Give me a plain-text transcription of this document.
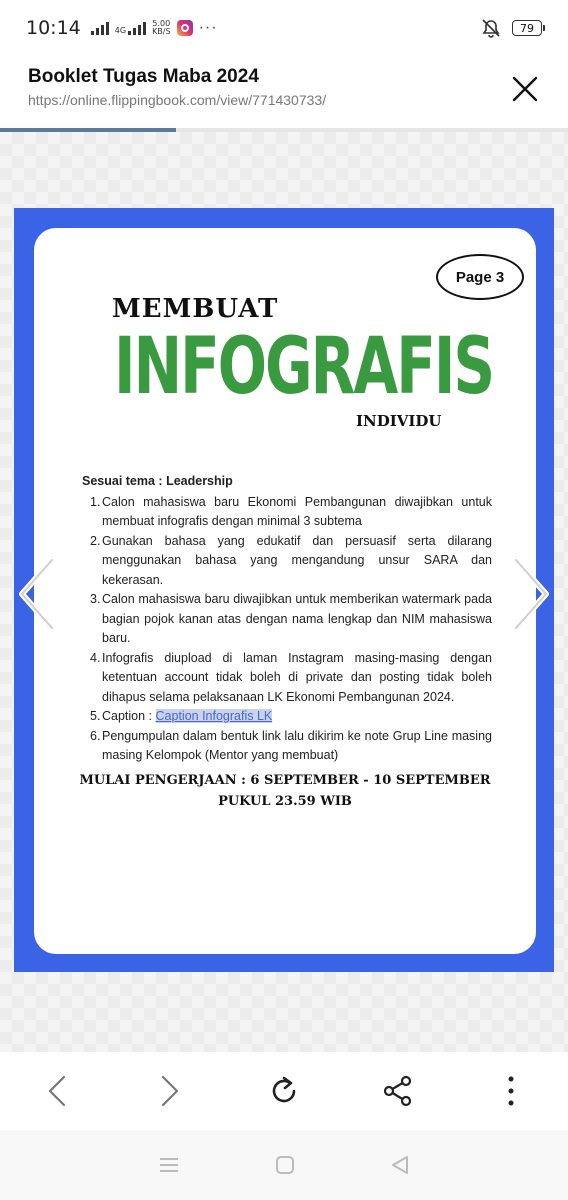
10:14	4G
5.00
KB/S ···	79
Booklet Tugas Maba 2024
https://online.flippingbook.com/view/771430733/
Page 3
MEMBUAT
INFOGRAFIS
INDIVIDU
Sesuai tema : Leadership
1. Calon mahasiswa baru Ekonomi Pembangunan diwajibkan untuk membuat infografis dengan minimal 3 subtema
2. Gunakan bahasa yang edukatif dan persuasif serta dilarang menggunakan bahasa yang mengandung unsur SARA dan kekerasan.
3. Calon mahasiswa baru diwajibkan untuk memberikan watermark pada bagian pojok kanan atas dengan nama lengkap dan NIM mahasiswa baru.
4. Infografis diupload di laman Instagram masing-masing dengan ketentuan account tidak boleh di private dan posting tidak boleh dihapus selama pelaksanaan LK Ekonomi Pembangunan 2024.
5. Caption : Caption Infografis LK
6. Pengumpulan dalam bentuk link lalu dikirim ke note Grup Line masing masing Kelompok (Mentor yang membuat)
MULAI PENGERJAAN : 6 SEPTEMBER - 10 SEPTEMBER
PUKUL 23.59 WIB
